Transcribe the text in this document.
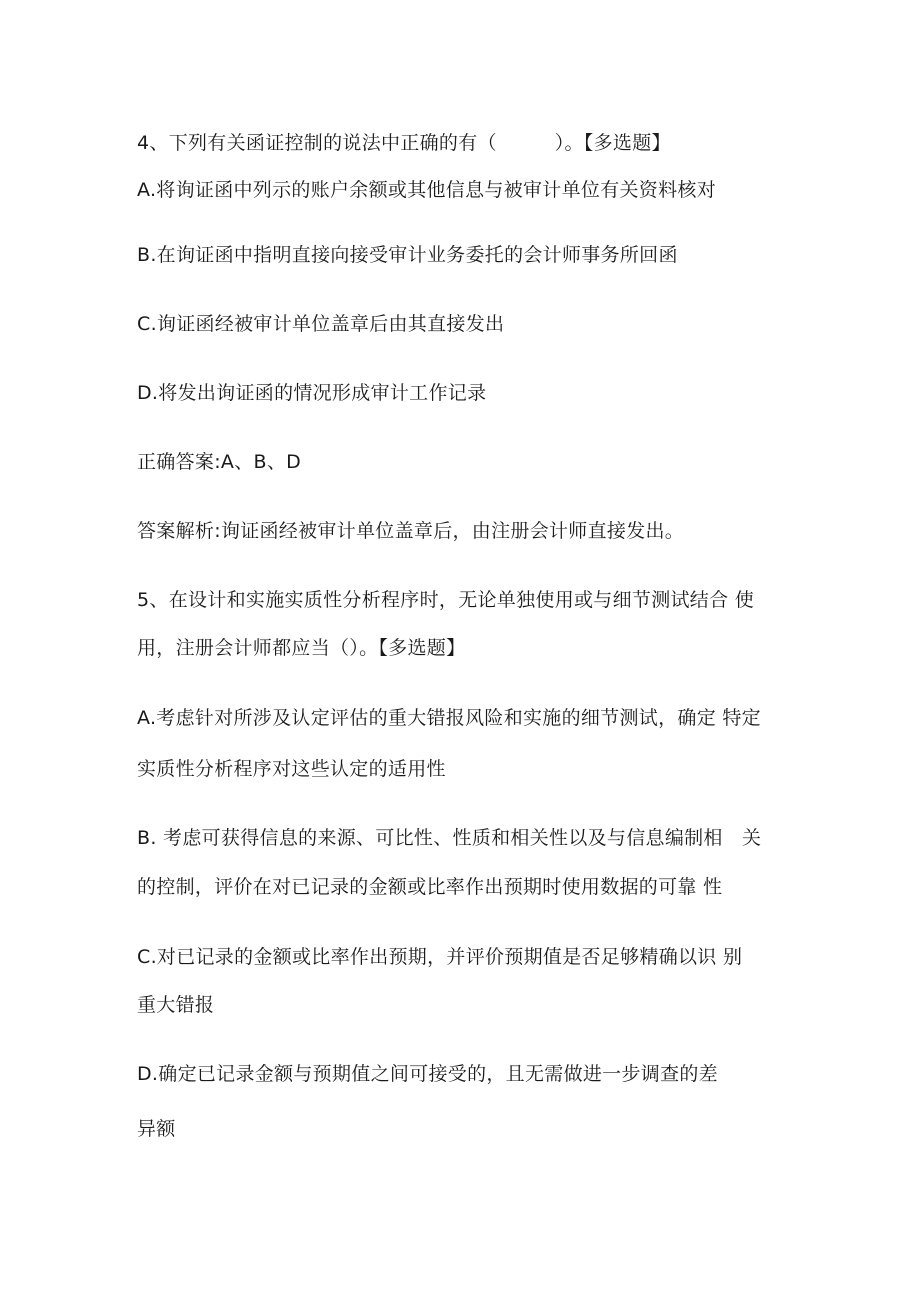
4、下列有关函证控制的说法中正确的有（　　　）。【多选题】
A.将询证函中列示的账户余额或其他信息与被审计单位有关资料核对
B.在询证函中指明直接向接受审计业务委托的会计师事务所回函
C.询证函经被审计单位盖章后由其直接发出
D.将发出询证函的情况形成审计工作记录
正确答案:A、B、D
答案解析:询证函经被审计单位盖章后，由注册会计师直接发出。
5、在设计和实施实质性分析程序时，无论单独使用或与细节测试结合 使
用，注册会计师都应当（）。【多选题】
A.考虑针对所涉及认定评估的重大错报风险和实施的细节测试，确定 特定
实质性分析程序对这些认定的适用性
B. 考虑可获得信息的来源、可比性、性质和相关性以及与信息编制相　关
的控制，评价在对已记录的金额或比率作出预期时使用数据的可靠 性
C.对已记录的金额或比率作出预期，并评价预期值是否足够精确以识 别
重大错报
D.确定已记录金额与预期值之间可接受的，且无需做进一步调查的差
异额
